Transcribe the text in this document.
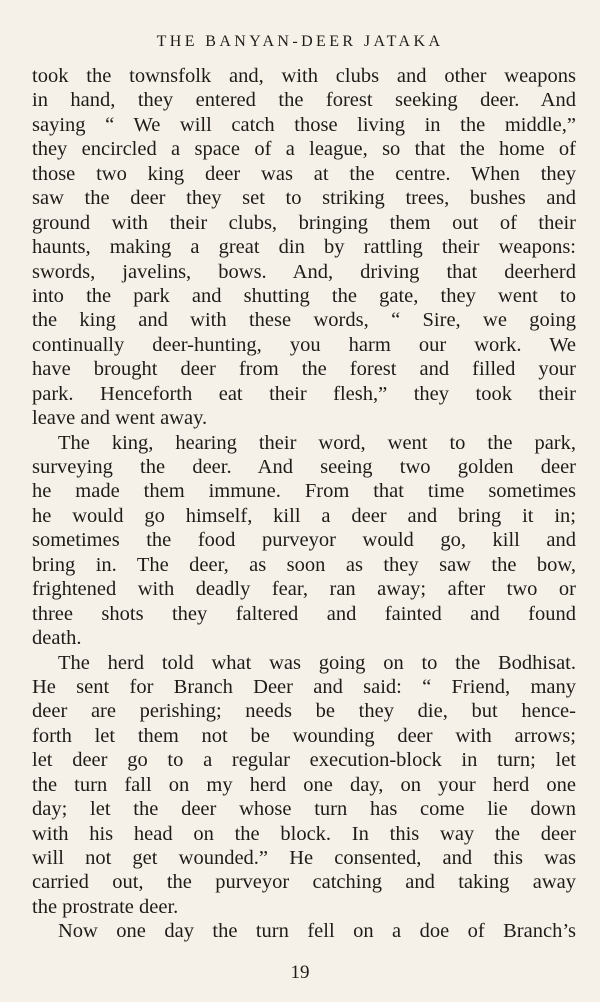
THE BANYAN-DEER JATAKA
took the townsfolk and, with clubs and other weapons
in hand, they entered the forest seeking deer. And
saying “ We will catch those living in the middle,”
they encircled a space of a league, so that the home of
those two king deer was at the centre. When they
saw the deer they set to striking trees, bushes and
ground with their clubs, bringing them out of their
haunts, making a great din by rattling their weapons:
swords, javelins, bows. And, driving that deerherd
into the park and shutting the gate, they went to
the king and with these words, “ Sire, we going
continually deer-hunting, you harm our work. We
have brought deer from the forest and filled your
park. Henceforth eat their flesh,” they took their
leave and went away.
The king, hearing their word, went to the park,
surveying the deer. And seeing two golden deer
he made them immune. From that time sometimes
he would go himself, kill a deer and bring it in;
sometimes the food purveyor would go, kill and
bring in. The deer, as soon as they saw the bow,
frightened with deadly fear, ran away; after two or
three shots they faltered and fainted and found
death.
The herd told what was going on to the Bodhisat.
He sent for Branch Deer and said: “ Friend, many
deer are perishing; needs be they die, but hence-
forth let them not be wounding deer with arrows;
let deer go to a regular execution-block in turn; let
the turn fall on my herd one day, on your herd one
day; let the deer whose turn has come lie down
with his head on the block. In this way the deer
will not get wounded.” He consented, and this was
carried out, the purveyor catching and taking away
the prostrate deer.
Now one day the turn fell on a doe of Branch’s
19
